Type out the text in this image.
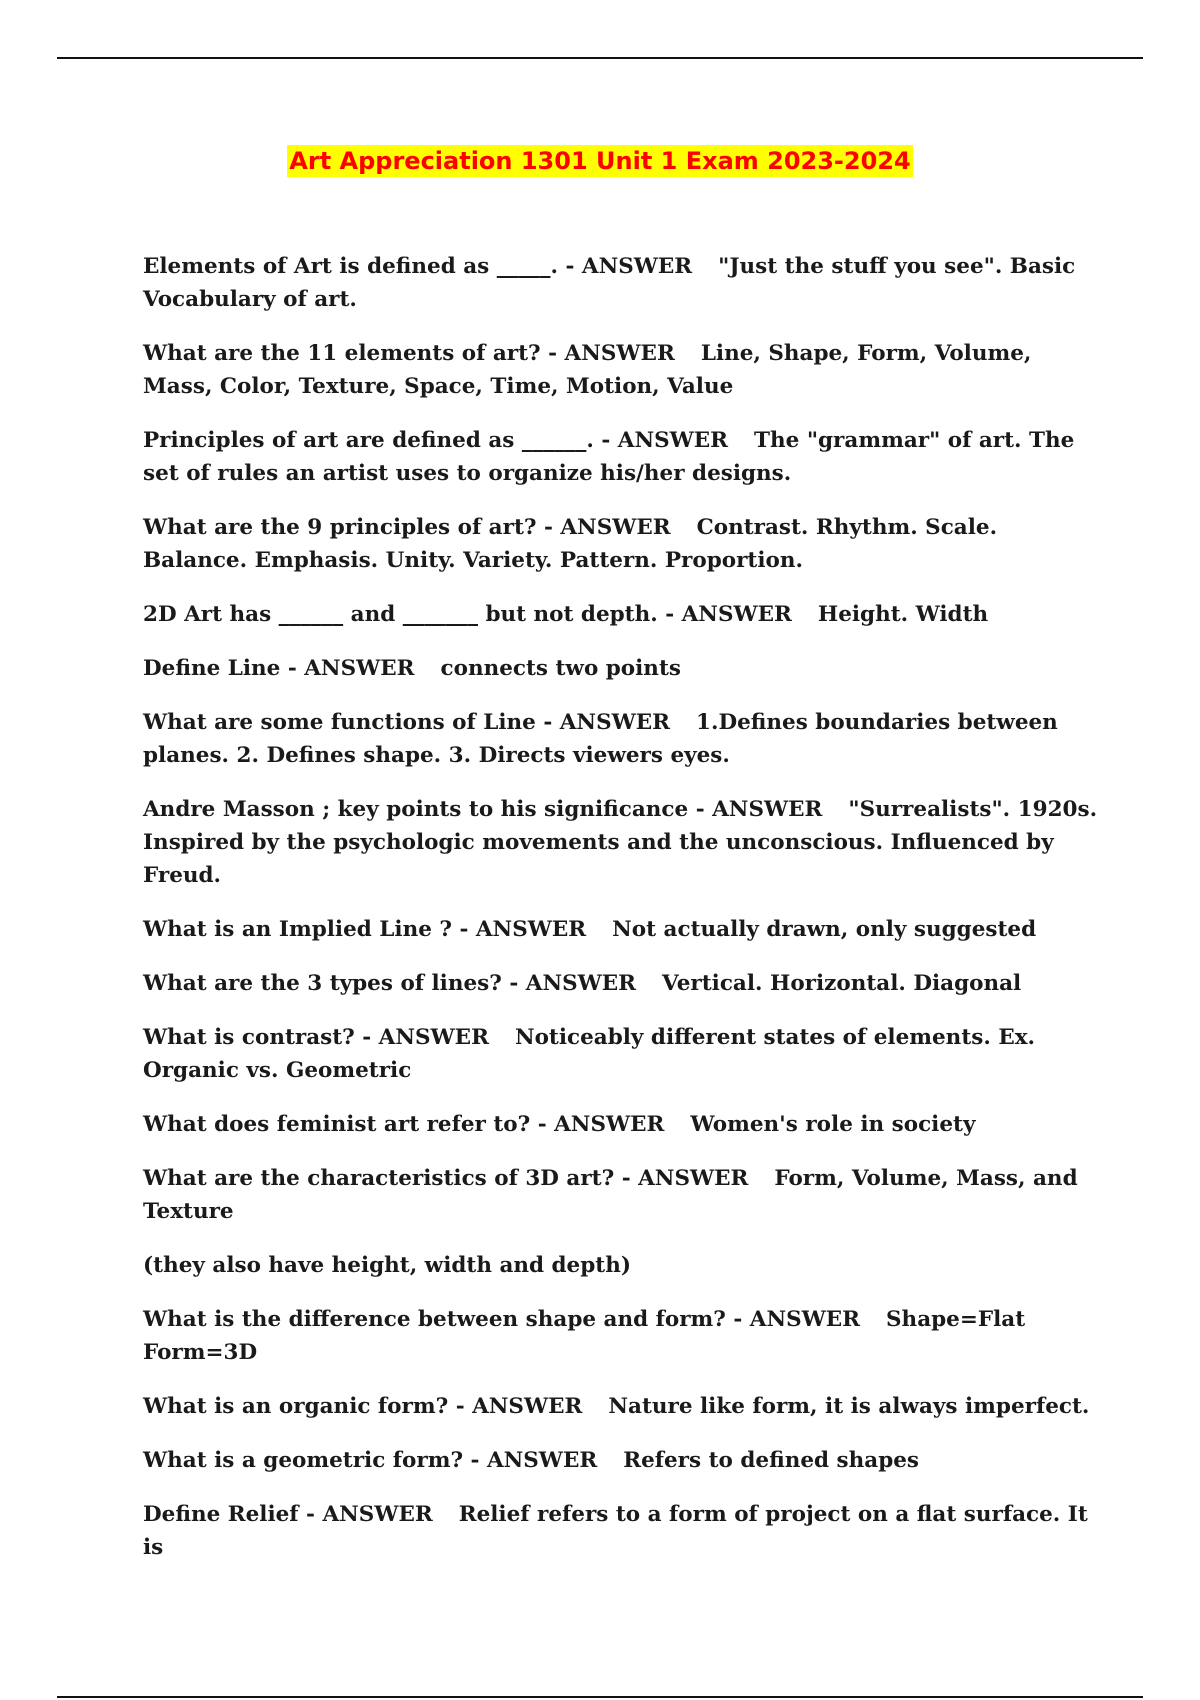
Art Appreciation 1301 Unit 1 Exam 2023-2024
Elements of Art is defined as _____. - ANSWER "Just the stuff you see". Basic Vocabulary of art.
What are the 11 elements of art? - ANSWER Line, Shape, Form, Volume, Mass, Color, Texture, Space, Time, Motion, Value
Principles of art are defined as ______. - ANSWER The "grammar" of art. The set of rules an artist uses to organize his/her designs.
What are the 9 principles of art? - ANSWER Contrast. Rhythm. Scale. Balance. Emphasis. Unity. Variety. Pattern. Proportion.
2D Art has ______ and _______ but not depth. - ANSWER Height. Width
Define Line - ANSWER connects two points
What are some functions of Line - ANSWER 1.Defines boundaries between planes. 2. Defines shape. 3. Directs viewers eyes.
Andre Masson ; key points to his significance - ANSWER "Surrealists". 1920s. Inspired by the psychologic movements and the unconscious. Influenced by Freud.
What is an Implied Line ? - ANSWER Not actually drawn, only suggested
What are the 3 types of lines? - ANSWER Vertical. Horizontal. Diagonal
What is contrast? - ANSWER Noticeably different states of elements. Ex. Organic vs. Geometric
What does feminist art refer to? - ANSWER Women's role in society
What are the characteristics of 3D art? - ANSWER Form, Volume, Mass, and Texture
(they also have height, width and depth)
What is the difference between shape and form? - ANSWER Shape=Flat Form=3D
What is an organic form? - ANSWER Nature like form, it is always imperfect.
What is a geometric form? - ANSWER Refers to defined shapes
Define Relief - ANSWER Relief refers to a form of project on a flat surface. It is
